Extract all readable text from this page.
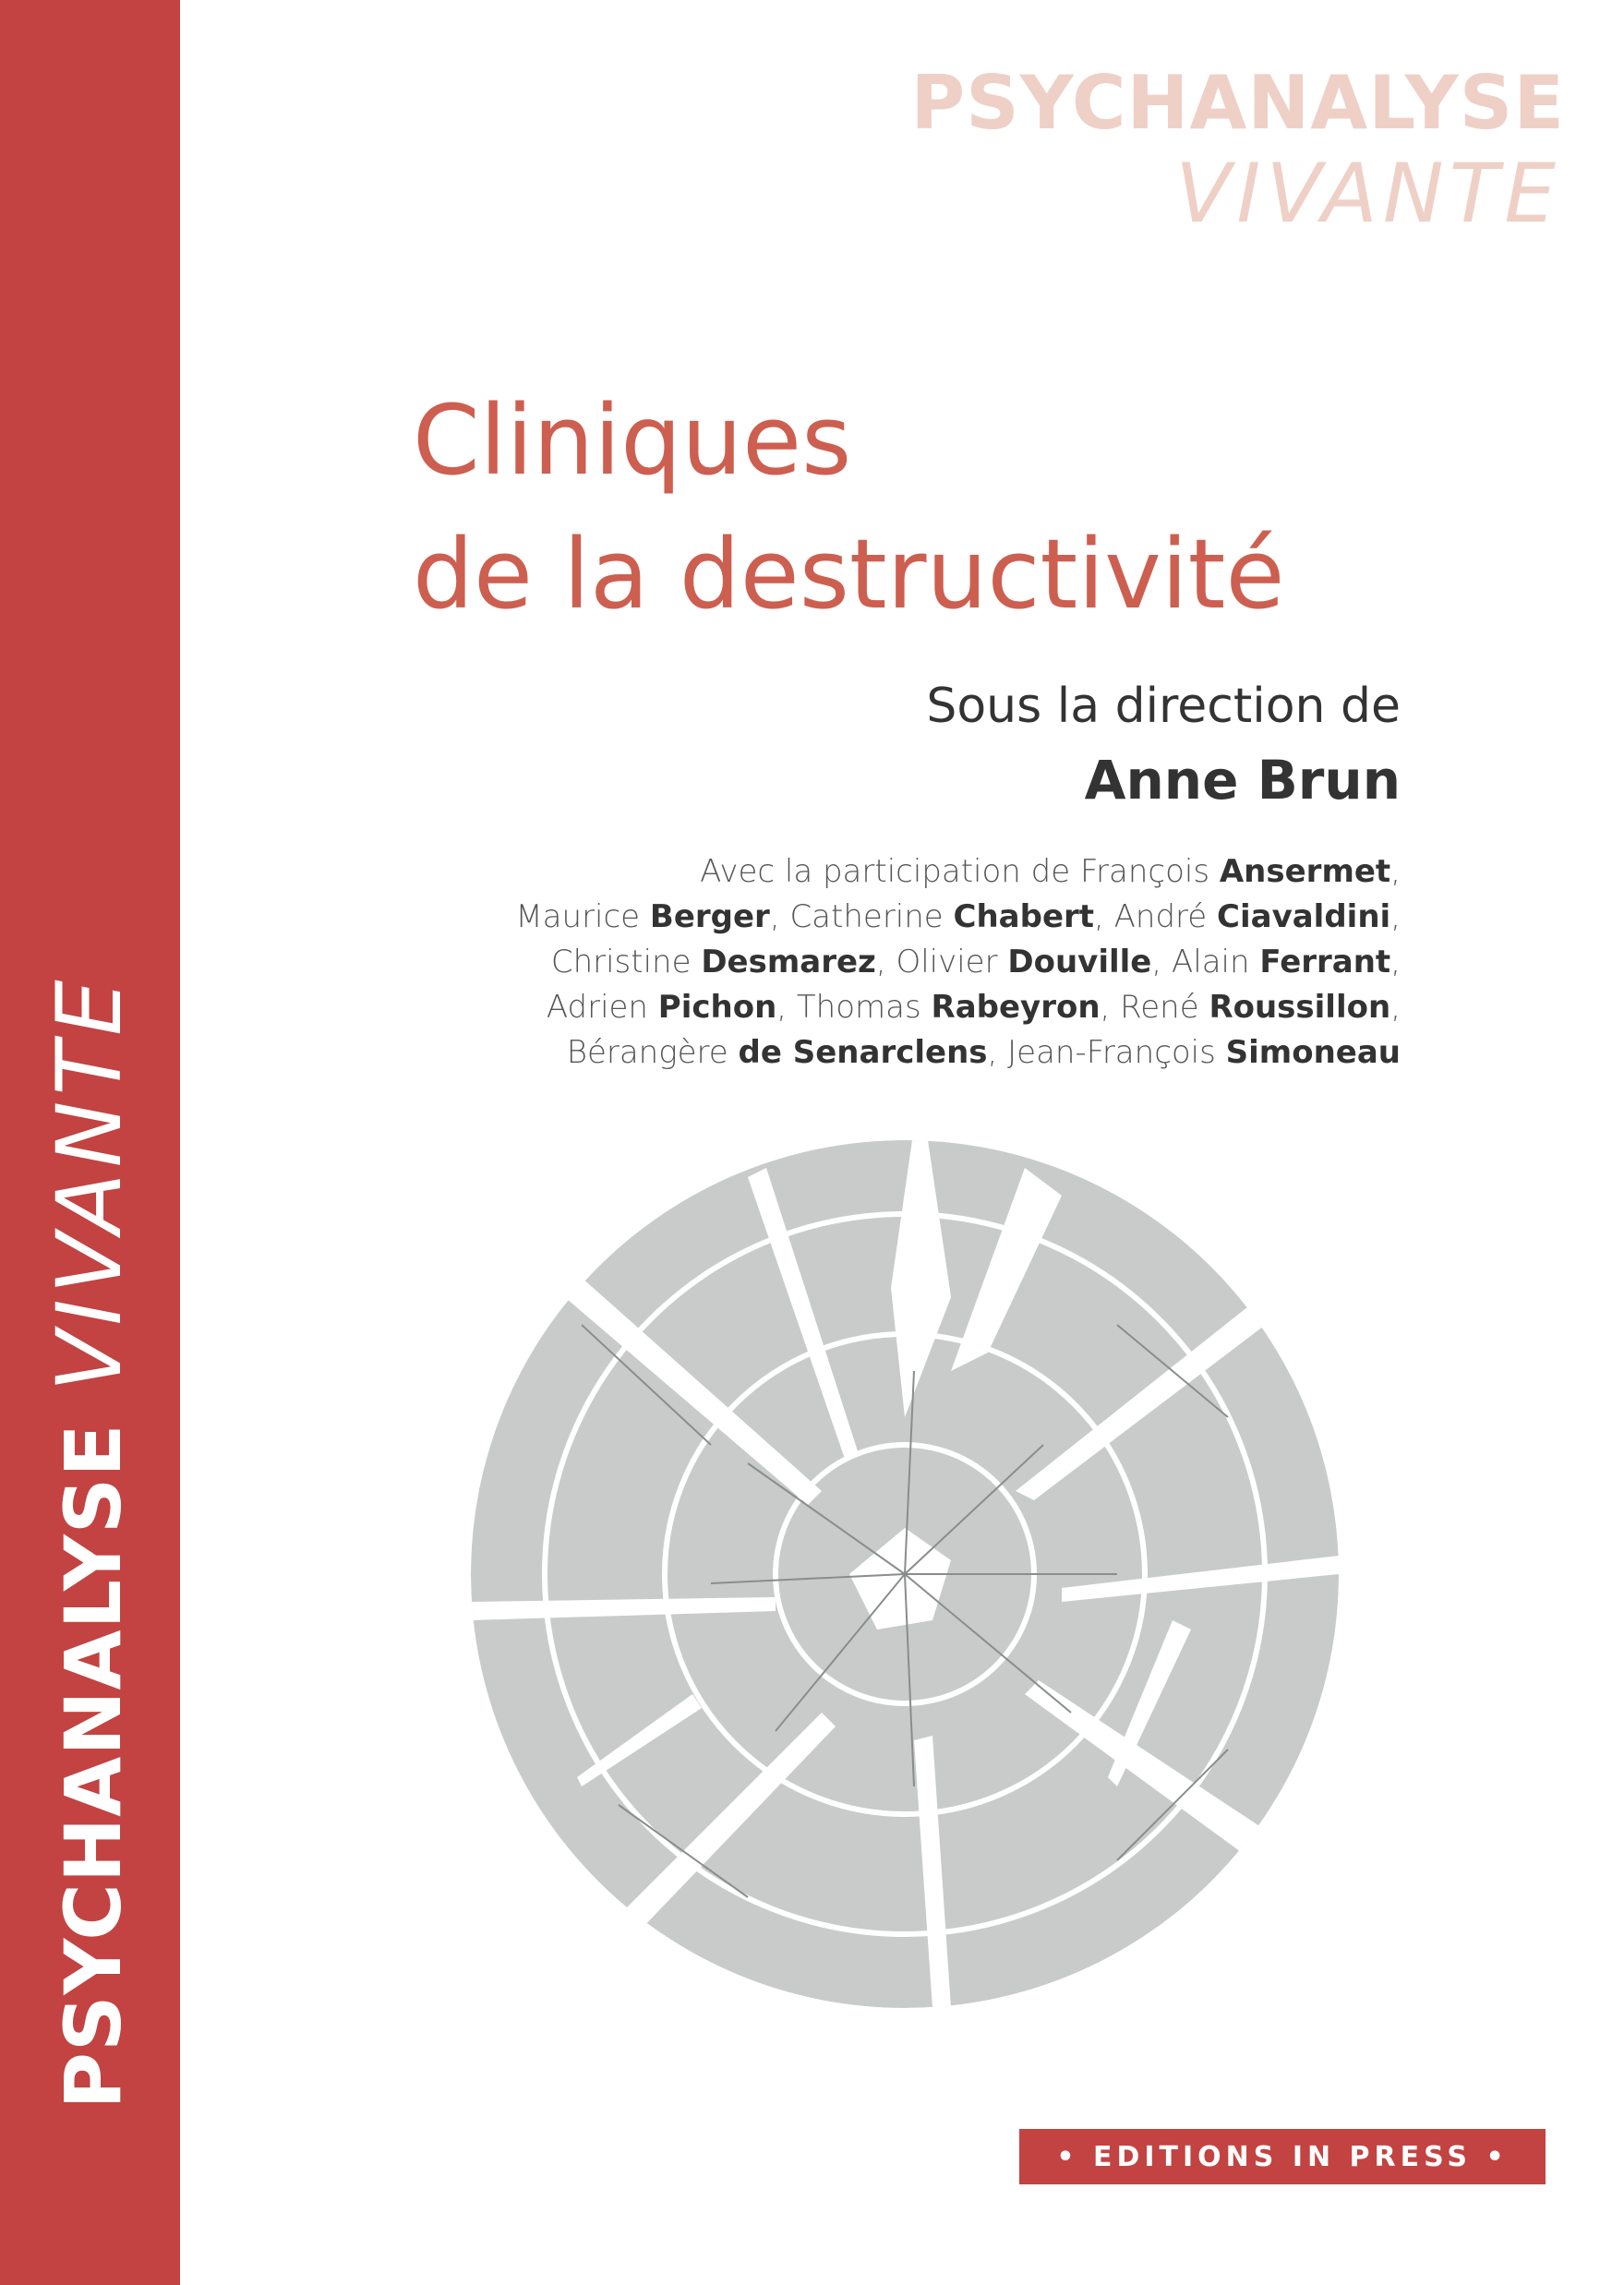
PSYCHANALYSE
VIVANTE
PSYCHANALYSE
VIVANTE
Cliniques
de la destructivité
Sous la direction de
Anne Brun
Avec la participation de François Ansermet,
Maurice Berger, Catherine Chabert, André Ciavaldini,
Christine Desmarez, Olivier Douville, Alain Ferrant,
Adrien Pichon, Thomas Rabeyron, René Roussillon,
Bérangère de Senarclens, Jean-François Simoneau
• EDITIONS IN PRESS •
